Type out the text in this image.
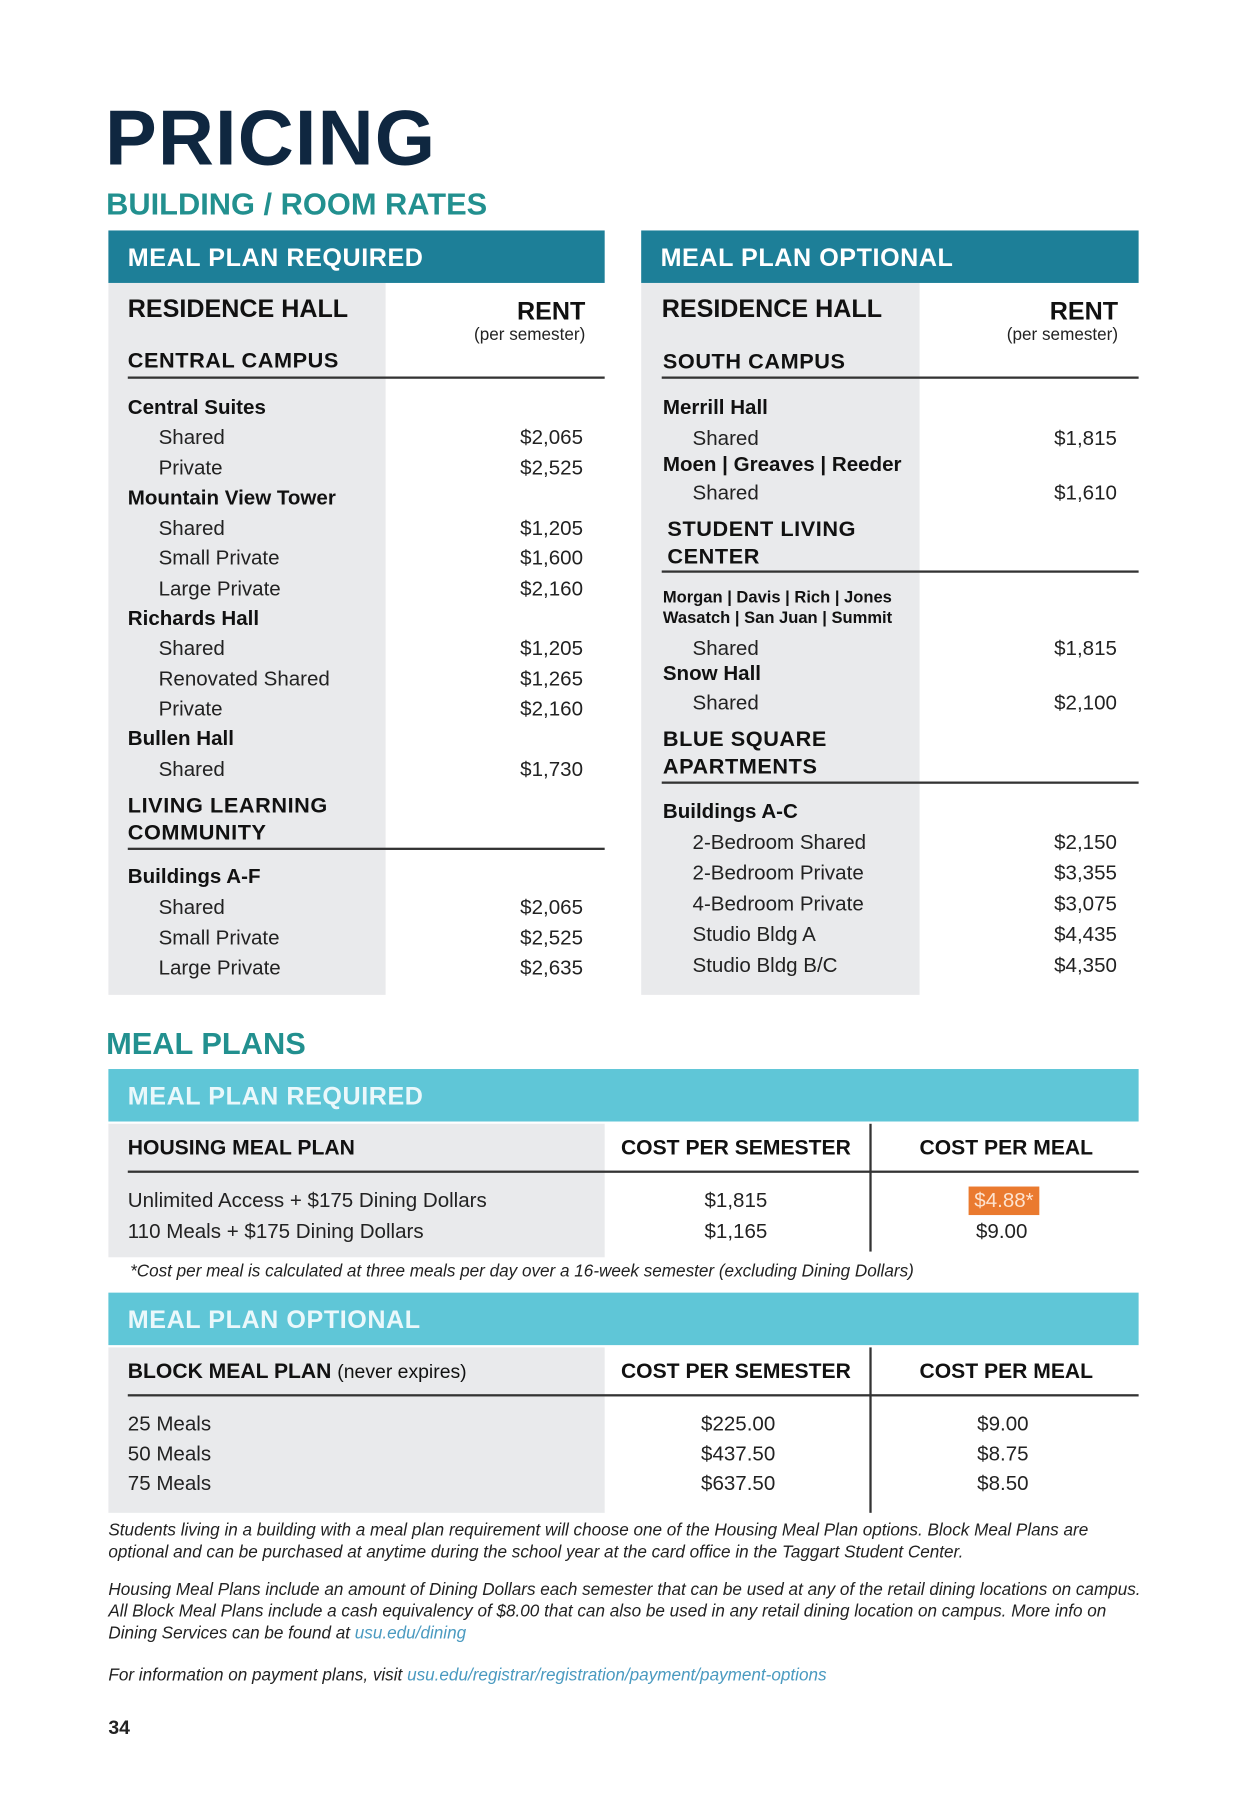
PRICING
BUILDING / ROOM RATES
MEAL PLAN REQUIRED
RESIDENCE HALL	RENT
(per semester)
CENTRAL CAMPUS
Central Suites
Shared	$2,065
Private	$2,525
Mountain View Tower
Shared	$1,205
Small Private	$1,600
Large Private	$2,160
Richards Hall
Shared	$1,205
Renovated Shared	$1,265
Private	$2,160
Bullen Hall
Shared	$1,730
LIVING LEARNING
COMMUNITY
Buildings A-F
Shared	$2,065
Small Private	$2,525
Large Private	$2,635
MEAL PLAN OPTIONAL
RESIDENCE HALL	RENT
(per semester)
SOUTH CAMPUS
Merrill Hall
Shared	$1,815
Moen | Greaves | Reeder
Shared	$1,610
STUDENT LIVING
CENTER
Morgan | Davis | Rich | Jones
Wasatch | San Juan | Summit
Shared	$1,815
Snow Hall
Shared	$2,100
BLUE SQUARE
APARTMENTS
Buildings A-C
2-Bedroom Shared	$2,150
2-Bedroom Private	$3,355
4-Bedroom Private	$3,075
Studio Bldg A	$4,435
Studio Bldg B/C	$4,350
MEAL PLANS
MEAL PLAN REQUIRED
HOUSING MEAL PLAN	COST PER SEMESTER	COST PER MEAL
Unlimited Access + $175 Dining Dollars	$1,815	$4.88*
110 Meals + $175 Dining Dollars	$1,165	$9.00
*Cost per meal is calculated at three meals per day over a 16-week semester (excluding Dining Dollars)
MEAL PLAN OPTIONAL
BLOCK MEAL PLAN (never expires)	COST PER SEMESTER	COST PER MEAL
25 Meals	$225.00	$9.00
50 Meals	$437.50	$8.75
75 Meals	$637.50	$8.50
Students living in a building with a meal plan requirement will choose one of the Housing Meal Plan options. Block Meal Plans are optional and can be purchased at anytime during the school year at the card office in the Taggart Student Center.
Housing Meal Plans include an amount of Dining Dollars each semester that can be used at any of the retail dining locations on campus. All Block Meal Plans include a cash equivalency of $8.00 that can also be used in any retail dining location on campus. More info on Dining Services can be found at usu.edu/dining
For information on payment plans, visit usu.edu/registrar/registration/payment/payment-options
34
